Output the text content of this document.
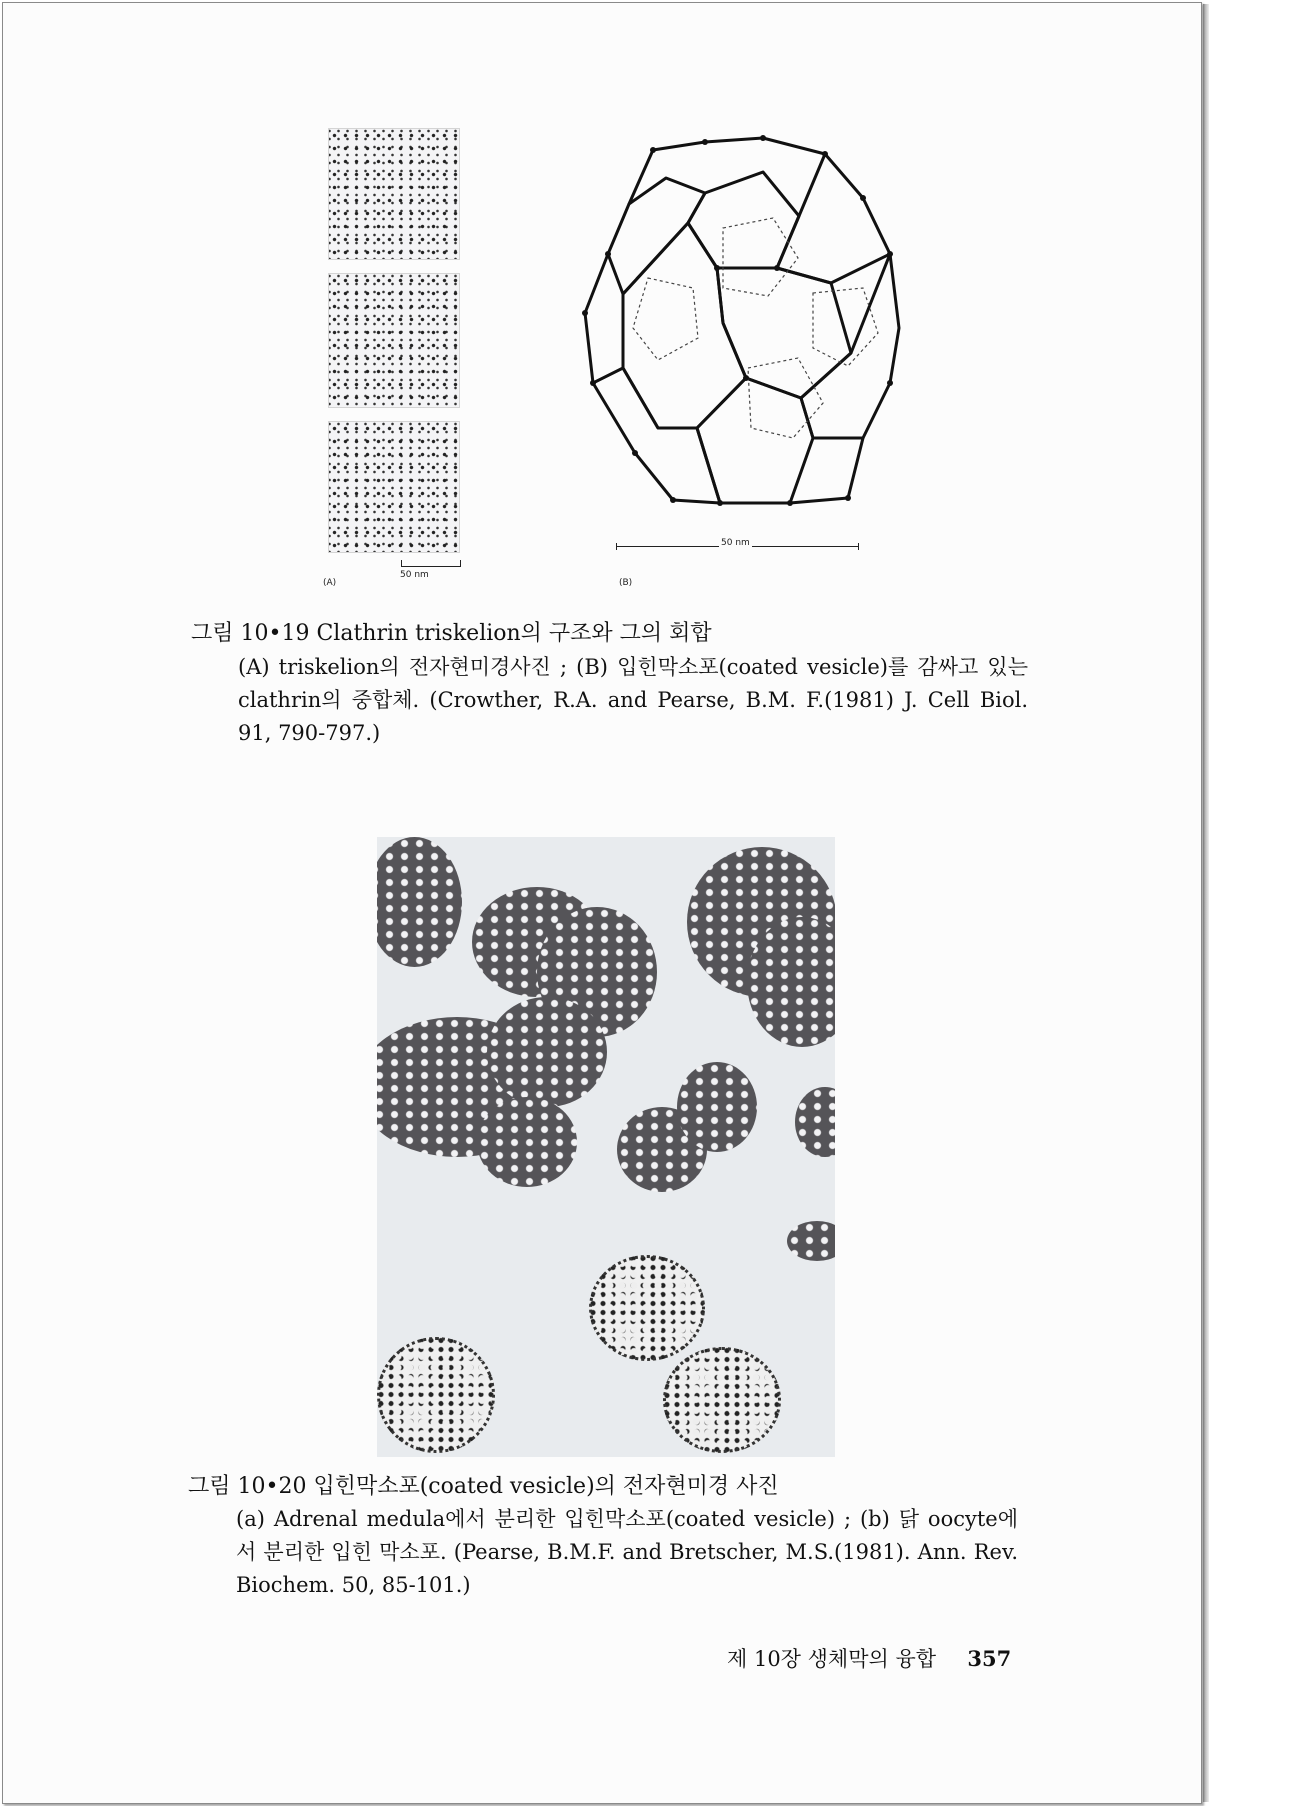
50 nm
(A)
50 nm
(B)
그림 10•19 Clathrin triskelion의 구조와 그의 회합
(A) triskelion의 전자현미경사진 ; (B) 입힌막소포(coated vesicle)를 감싸고 있는 clathrin의 중합체. (Crowther, R.A. and Pearse, B.M. F.(1981) J. Cell Biol. 91, 790-797.)
그림 10•20 입힌막소포(coated vesicle)의 전자현미경 사진
(a) Adrenal medula에서 분리한 입힌막소포(coated vesicle) ; (b) 닭 oocyte에서 분리한 입힌 막소포. (Pearse, B.M.F. and Bretscher, M.S.(1981). Ann. Rev. Biochem. 50, 85-101.)
제 10장 생체막의 융합 357
